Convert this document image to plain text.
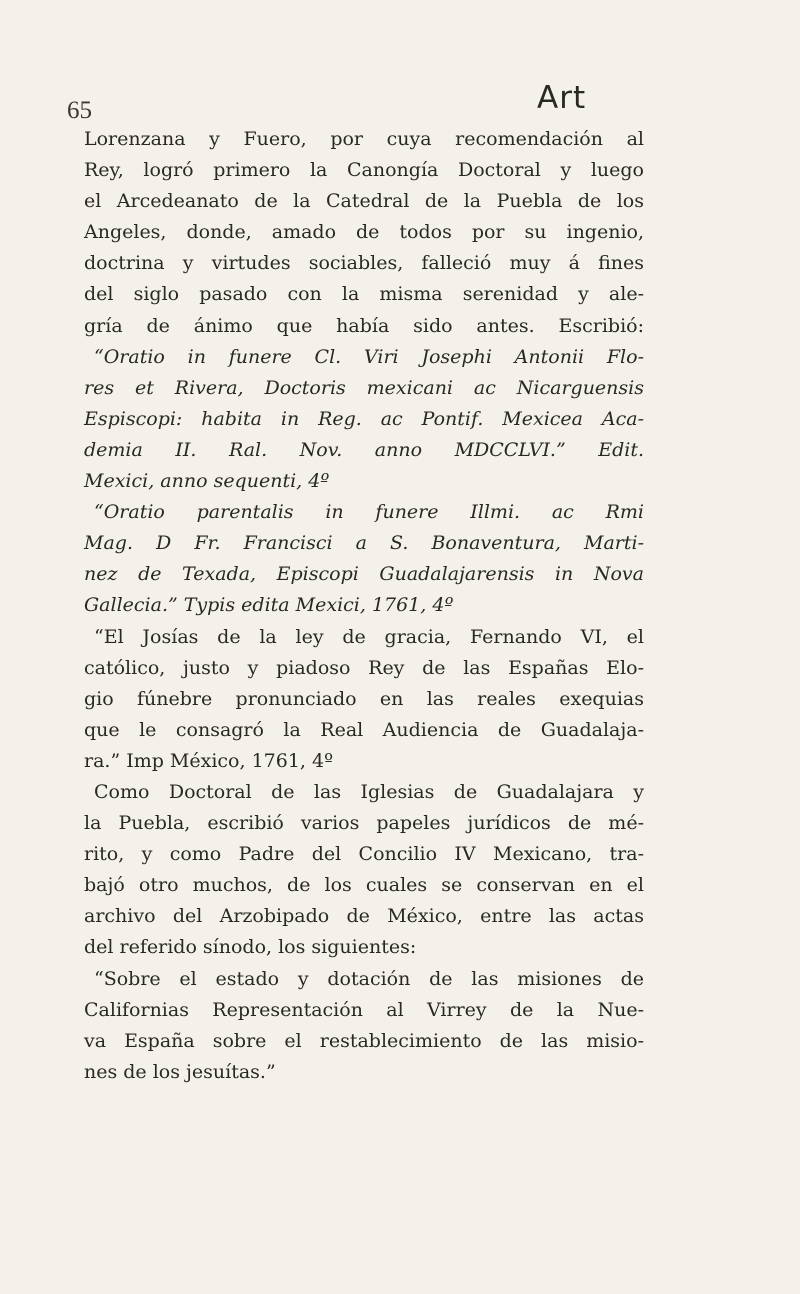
65	Art
Lorenzana y Fuero, por cuya recomendación al
Rey, logró primero la Canongía Doctoral y luego
el Arcedeanato de la Catedral de la Puebla de los
Angeles, donde, amado de todos por su ingenio,
doctrina y virtudes sociables, falleció muy á fines
del siglo pasado con la misma serenidad y ale-
gría de ánimo que había sido antes. Escribió:
“Oratio in funere Cl. Viri Josephi Antonii Flo-
res et Rivera, Doctoris mexicani ac Nicarguensis
Espiscopi: habita in Reg. ac Pontif. Mexicea Aca-
demia II. Ral. Nov. anno MDCCLVI.” Edit.
Mexici, anno sequenti, 4º
“Oratio parentalis in funere Illmi. ac Rmi
Mag. D Fr. Francisci a S. Bonaventura, Marti-
nez de Texada, Episcopi Guadalajarensis in Nova
Gallecia.” Typis edita Mexici, 1761, 4º
“El Josías de la ley de gracia, Fernando VI, el
católico, justo y piadoso Rey de las Españas Elo-
gio fúnebre pronunciado en las reales exequias
que le consagró la Real Audiencia de Guadalaja-
ra.” Imp México, 1761, 4º
Como Doctoral de las Iglesias de Guadalajara y
la Puebla, escribió varios papeles jurídicos de mé-
rito, y como Padre del Concilio IV Mexicano, tra-
bajó otro muchos, de los cuales se conservan en el
archivo del Arzobipado de México, entre las actas
del referido sínodo, los siguientes:
“Sobre el estado y dotación de las misiones de
Californias Representación al Virrey de la Nue-
va España sobre el restablecimiento de las misio-
nes de los jesuítas.”
